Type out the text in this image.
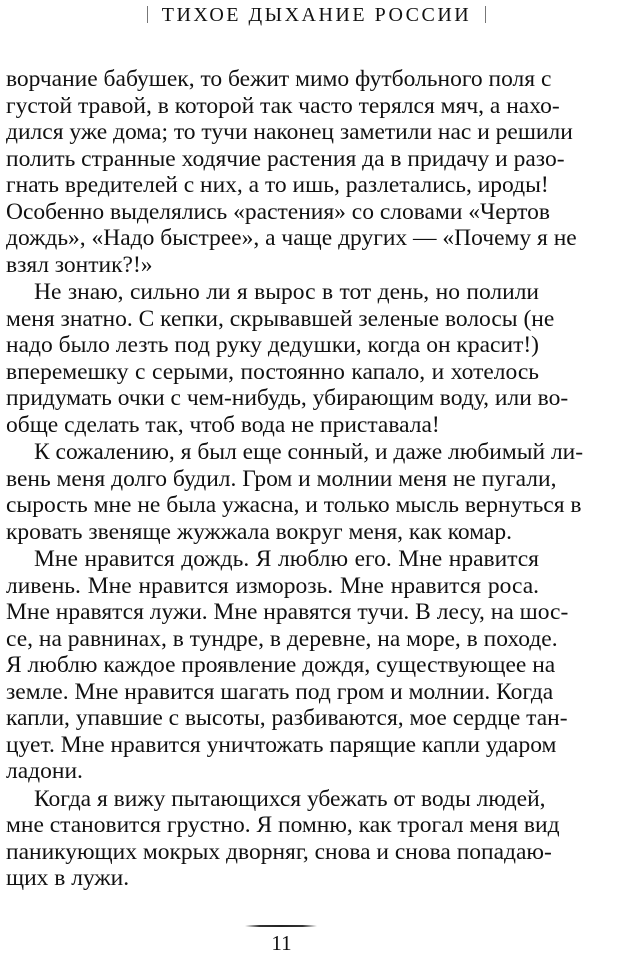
ТИХОЕ ДЫХАНИЕ РОССИИ
ворчание бабушек, то бежит мимо футбольного поля с
густой травой, в которой так часто терялся мяч, а нахо-
дился уже дома; то тучи наконец заметили нас и решили
полить странные ходячие растения да в придачу и разо-
гнать вредителей с них, а то ишь, разлетались, ироды!
Особенно выделялись «растения» со словами «Чертов
дождь», «Надо быстрее», а чаще других — «Почему я не
взял зонтик?!»
Не знаю, сильно ли я вырос в тот день, но полили
меня знатно. С кепки, скрывавшей зеленые волосы (не
надо было лезть под руку дедушки, когда он красит!)
вперемешку с серыми, постоянно капало, и хотелось
придумать очки с чем-нибудь, убирающим воду, или во-
обще сделать так, чтоб вода не приставала!
К сожалению, я был еще сонный, и даже любимый ли-
вень меня долго будил. Гром и молнии меня не пугали,
сырость мне не была ужасна, и только мысль вернуться в
кровать звеняще жужжала вокруг меня, как комар.
Мне нравится дождь. Я люблю его. Мне нравится
ливень. Мне нравится изморозь. Мне нравится роса.
Мне нравятся лужи. Мне нравятся тучи. В лесу, на шос-
се, на равнинах, в тундре, в деревне, на море, в походе.
Я люблю каждое проявление дождя, существующее на
земле. Мне нравится шагать под гром и молнии. Когда
капли, упавшие с высоты, разбиваются, мое сердце тан-
цует. Мне нравится уничтожать парящие капли ударом
ладони.
Когда я вижу пытающихся убежать от воды людей,
мне становится грустно. Я помню, как трогал меня вид
паникующих мокрых дворняг, снова и снова попадаю-
щих в лужи.
11
